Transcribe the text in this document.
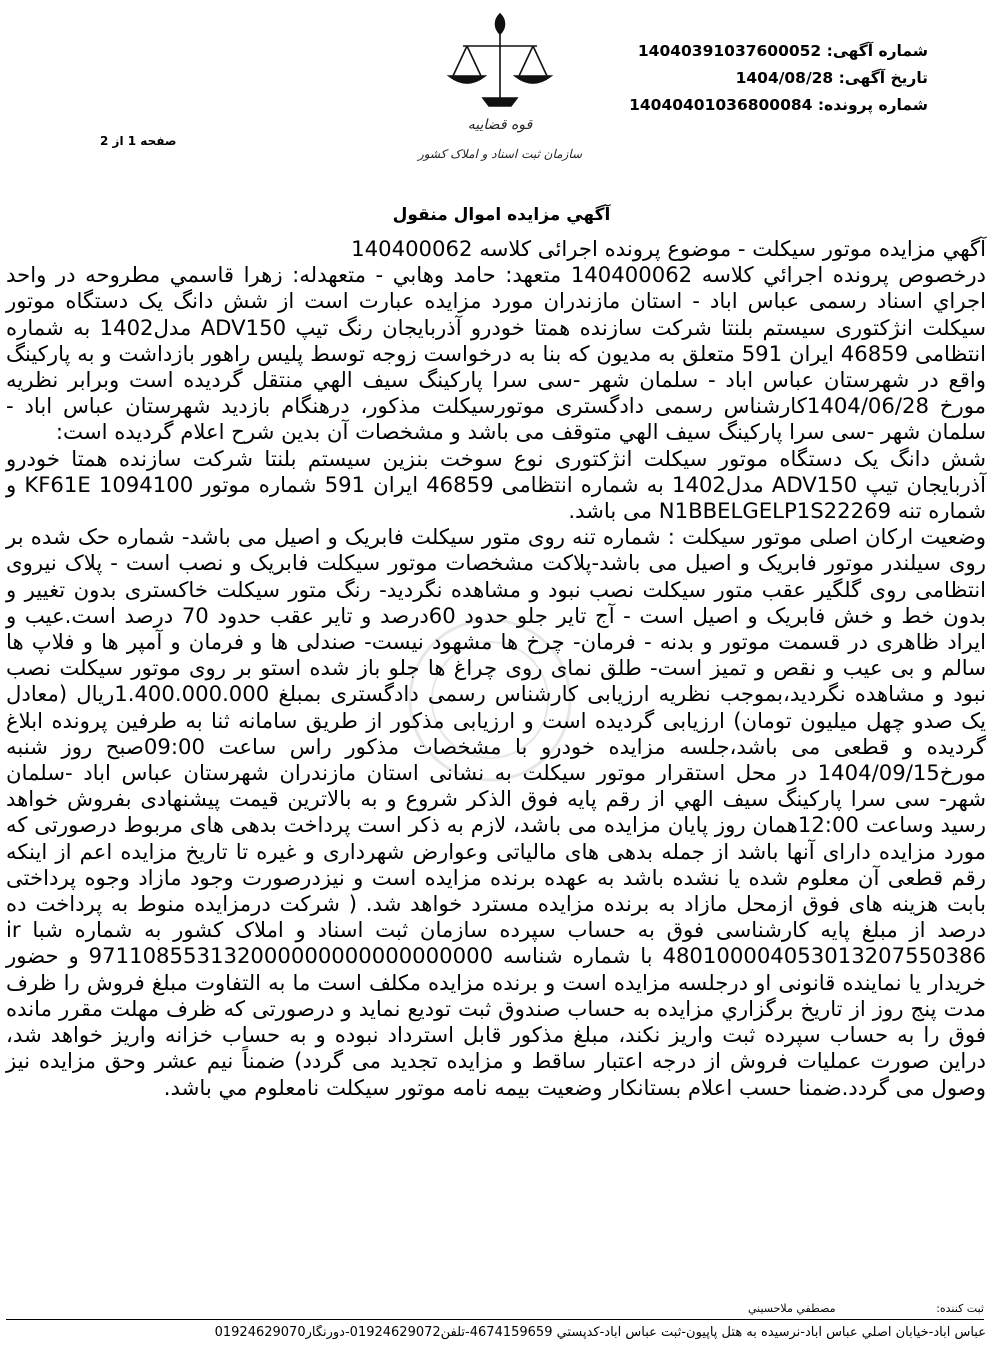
شماره آگهی: 14040391037600052
تاریخ آگهی: 1404/08/28
شماره پرونده: 14040401036800084
صفحه 1 از 2
قوه قضاییه
سازمان ثبت اسناد و املاک کشور
آگهي مزايده اموال منقول

آگهي مزايده موتور سيکلت - موضوع پرونده اجرائی کلاسه 140400062

درخصوص پرونده اجرائي کلاسه 140400062 متعهد: حامد وهابي - متعهدله: زهرا قاسمي مطروحه در واحد اجراي اسناد رسمی عباس اباد - استان مازندران مورد مزايده عبارت است از شش دانگ يک دستگاه موتور سيکلت انژکتوری سيستم بلنتا شرکت سازنده همتا خودرو آذربايجان رنگ تيپ ADV150 مدل1402 به شماره انتظامی 46859 ايران 591 متعلق به مديون که بنا به درخواست زوجه توسط پليس راهور بازداشت و به پارکينگ واقع در شهرستان عباس اباد - سلمان شهر -سی سرا پارکينگ سيف الهي منتقل گرديده است وبرابر نظريه مورخ 1404/06/28کارشناس رسمی دادگستری موتورسيکلت مذکور، درهنگام بازديد شهرستان عباس اباد - سلمان شهر -سی سرا پارکينگ سيف الهي متوقف می باشد و مشخصات آن بدين شرح اعلام گرديده است:

شش دانگ يک دستگاه موتور سيکلت انژکتوری نوع سوخت بنزين سيستم بلنتا شرکت سازنده همتا خودرو آذربايجان تيپ ADV150 مدل1402 به شماره انتظامی 46859 ايران 591 شماره موتور KF61E 1094100 و شماره تنه N1BBELGELP1S22269 می باشد.

وضعيت ارکان اصلی موتور سيکلت : شماره تنه روی متور سيکلت فابريک و اصيل می باشد- شماره حک شده بر روی سيلندر موتور فابريک و اصيل می باشد-پلاکت مشخصات موتور سيکلت فابريک و نصب است - پلاک نيروی انتظامی روی گلگير عقب متور سيکلت نصب نبود و مشاهده نگرديد- رنگ متور سيکلت خاکستری بدون تغيير و بدون خط و خش فابريک و اصيل است - آج تاير جلو حدود 60درصد و تاير عقب حدود 70 درصد است.عيب و ايراد ظاهری در قسمت موتور و بدنه - فرمان- چرخ ها مشهود نيست- صندلی ها و فرمان و آمپر ها و فلاپ ها سالم و بی عيب و نقص و تميز است- طلق نمای روی چراغ ها جلو باز شده استو بر روی موتور سيکلت نصب نبود و مشاهده نگرديد،بموجب نظريه ارزيابی کارشناس رسمی دادگستری بمبلغ 1.400.000.000ريال (معادل يک صدو چهل ميليون تومان) ارزيابی گرديده است و ارزيابی مذکور از طريق سامانه ثنا به طرفين پرونده ابلاغ گرديده و قطعی می باشد،جلسه مزايده خودرو با مشخصات مذکور راس ساعت 09:00صبح روز شنبه مورخ1404/09/15 در محل استقرار موتور سيکلت به نشانی استان مازندران شهرستان عباس اباد -سلمان شهر- سی سرا پارکينگ سيف الهي از رقم پايه فوق الذکر شروع و به بالاترين قيمت پيشنهادی بفروش خواهد رسيد وساعت 12:00همان روز پايان مزايده می باشد، لازم به ذکر است پرداخت بدهی های مربوط درصورتی که مورد مزايده دارای آنها باشد از جمله بدهی های مالياتی وعوارض شهرداری و غيره تا تاريخ مزايده اعم از اينکه رقم قطعی آن معلوم شده يا نشده باشد به عهده برنده مزايده است و نيزدرصورت وجود مازاد وجوه پرداختی بابت هزينه های فوق ازمحل مازاد به برنده مزايده مسترد خواهد شد. ( شرکت درمزايده منوط به پرداخت ده درصد از مبلغ پايه کارشناسی فوق به حساب سپرده سازمان ثبت اسناد و املاک کشور به شماره شبا ir 480100004053013207550386 با شماره شناسه 971108553132000000000000000000 و حضور خريدار يا نماينده قانونی او درجلسه مزايده است و برنده مزايده مکلف است ما به التفاوت مبلغ فروش را ظرف مدت پنج روز از تاريخ برگزاري مزايده به حساب صندوق ثبت توديع نمايد و درصورتی که ظرف مهلت مقرر مانده فوق را به حساب سپرده ثبت واريز نکند، مبلغ مذکور قابل استرداد نبوده و به حساب خزانه واريز خواهد شد، دراين صورت عمليات فروش از درجه اعتبار ساقط و مزايده تجديد می گردد) ضمناً نيم عشر وحق مزايده نيز وصول می گردد.ضمنا حسب اعلام بستانکار وضعيت بيمه نامه موتور سيکلت نامعلوم مي باشد.

ثبت کننده:
مصطفي ملاحسيني
عباس آباد-خيابان اصلي عباس آباد-نرسيده به هتل پاپيون-ثبت عباس آباد-کدپستي 4674159659-تلفن01924629072-دورنگار01924629070
